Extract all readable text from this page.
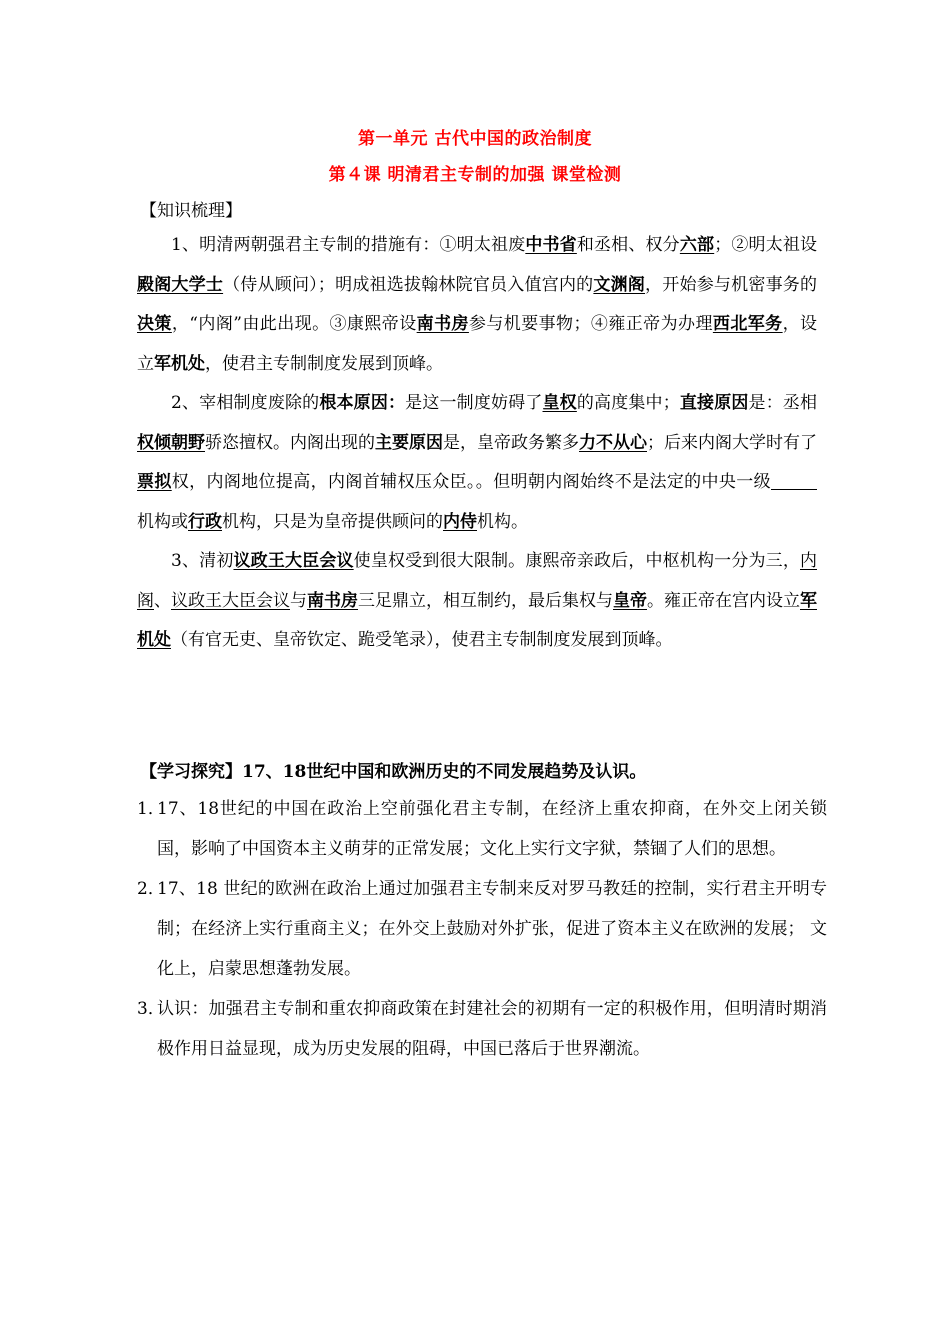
第一单元 古代中国的政治制度
第４课 明清君主专制的加强 课堂检测
【知识梳理】

1、明清两朝强君主专制的措施有：①明太祖废中书省和丞相、权分六部；②明太祖设殿阁大学士（侍从顾问）；明成祖选拔翰林院官员入值宫内的文渊阁，开始参与机密事务的决策，“内阁”由此出现。③康熙帝设南书房参与机要事物；④雍正帝为办理西北军务，设立军机处，使君主专制制度发展到顶峰。

2、宰相制度废除的根本原因：是这一制度妨碍了皇权的高度集中；直接原因是：丞相权倾朝野骄恣擅权。内阁出现的主要原因是，皇帝政务繁多力不从心；后来内阁大学时有了票拟权，内阁地位提高，内阁首辅权压众臣。。但明朝内阁始终不是法定的中央一级机构或行政机构，只是为皇帝提供顾问的内侍机构。

3、清初议政王大臣会议使皇权受到很大限制。康熙帝亲政后，中枢机构一分为三，内阁、议政王大臣会议与南书房三足鼎立，相互制约，最后集权与皇帝。雍正帝在宫内设立军机处（有官无吏、皇帝钦定、跪受笔录），使君主专制制度发展到顶峰。

【学习探究】17、18世纪中国和欧洲历史的不同发展趋势及认识。
1．
17、18世纪的中国在政治上空前强化君主专制，在经济上重农抑商，在外交上闭关锁国，影响了中国资本主义萌芽的正常发展；文化上实行文字狱，禁锢了人们的思想。
2．
17、18 世纪的欧洲在政治上通过加强君主专制来反对罗马教廷的控制，实行君主开明专制；在经济上实行重商主义；在外交上鼓励对外扩张，促进了资本主义在欧洲的发展； 文化上，启蒙思想蓬勃发展。
3．
认识：加强君主专制和重农抑商政策在封建社会的初期有一定的积极作用，但明清时期消极作用日益显现，成为历史发展的阻碍，中国已落后于世界潮流。
